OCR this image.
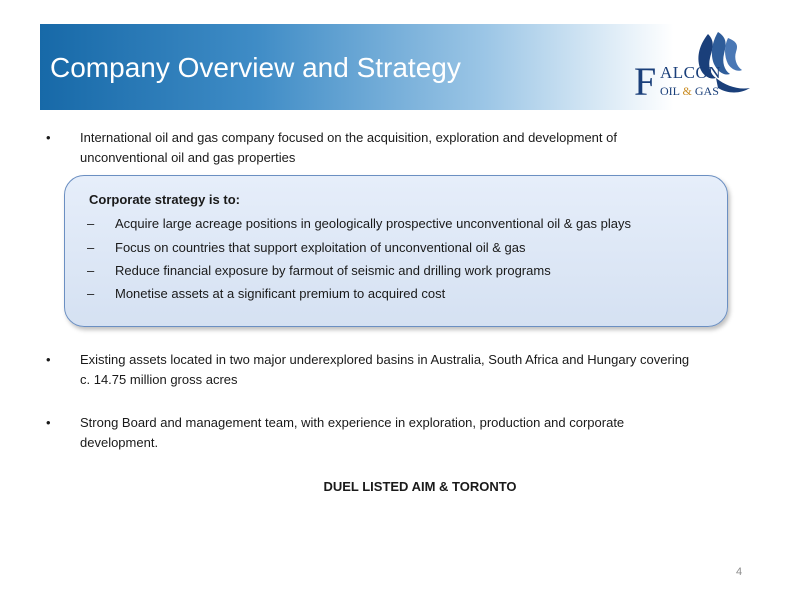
Company Overview and Strategy	F ALCON
OIL & GAS
•	International oil and gas company focused on the acquisition, exploration and development of
unconventional oil and gas properties
Corporate strategy is to:
– Acquire large acreage positions in geologically prospective unconventional oil & gas plays
– Focus on countries that support exploitation of unconventional oil & gas
– Reduce financial exposure by farmout of seismic and drilling work programs
– Monetise assets at a significant premium to acquired cost
•	Existing assets located in two major underexplored basins in Australia, South Africa and Hungary covering
c. 14.75 million gross acres
•	Strong Board and management team, with experience in exploration, production and corporate
development.
DUEL LISTED AIM & TORONTO
4
